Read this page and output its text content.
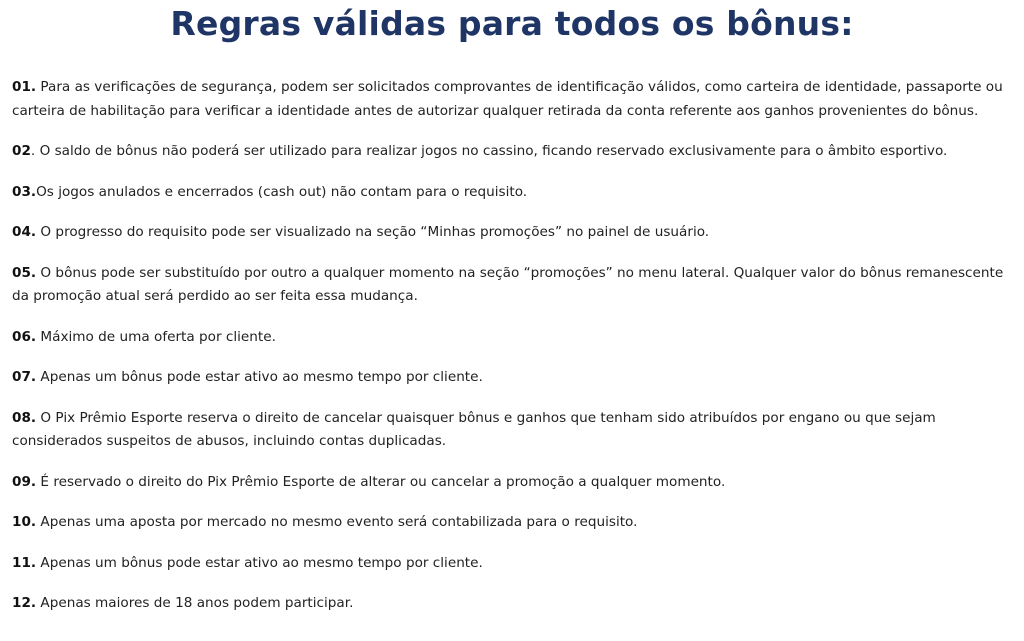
Regras válidas para todos os bônus:

01. Para as verificações de segurança, podem ser solicitados comprovantes de identificação válidos, como carteira de identidade, passaporte ou carteira de habilitação para verificar a identidade antes de autorizar qualquer retirada da conta referente aos ganhos provenientes do bônus.

02. O saldo de bônus não poderá ser utilizado para realizar jogos no cassino, ficando reservado exclusivamente para o âmbito esportivo.

03.Os jogos anulados e encerrados (cash out) não contam para o requisito.

04. O progresso do requisito pode ser visualizado na seção “Minhas promoções” no painel de usuário.

05. O bônus pode ser substituído por outro a qualquer momento na seção “promoções” no menu lateral. Qualquer valor do bônus remanescente da promoção atual será perdido ao ser feita essa mudança.

06. Máximo de uma oferta por cliente.

07. Apenas um bônus pode estar ativo ao mesmo tempo por cliente.

08. O Pix Prêmio Esporte reserva o direito de cancelar quaisquer bônus e ganhos que tenham sido atribuídos por engano ou que sejam considerados suspeitos de abusos, incluindo contas duplicadas.

09. É reservado o direito do Pix Prêmio Esporte de alterar ou cancelar a promoção a qualquer momento.

10. Apenas uma aposta por mercado no mesmo evento será contabilizada para o requisito.

11. Apenas um bônus pode estar ativo ao mesmo tempo por cliente.

12. Apenas maiores de 18 anos podem participar.
